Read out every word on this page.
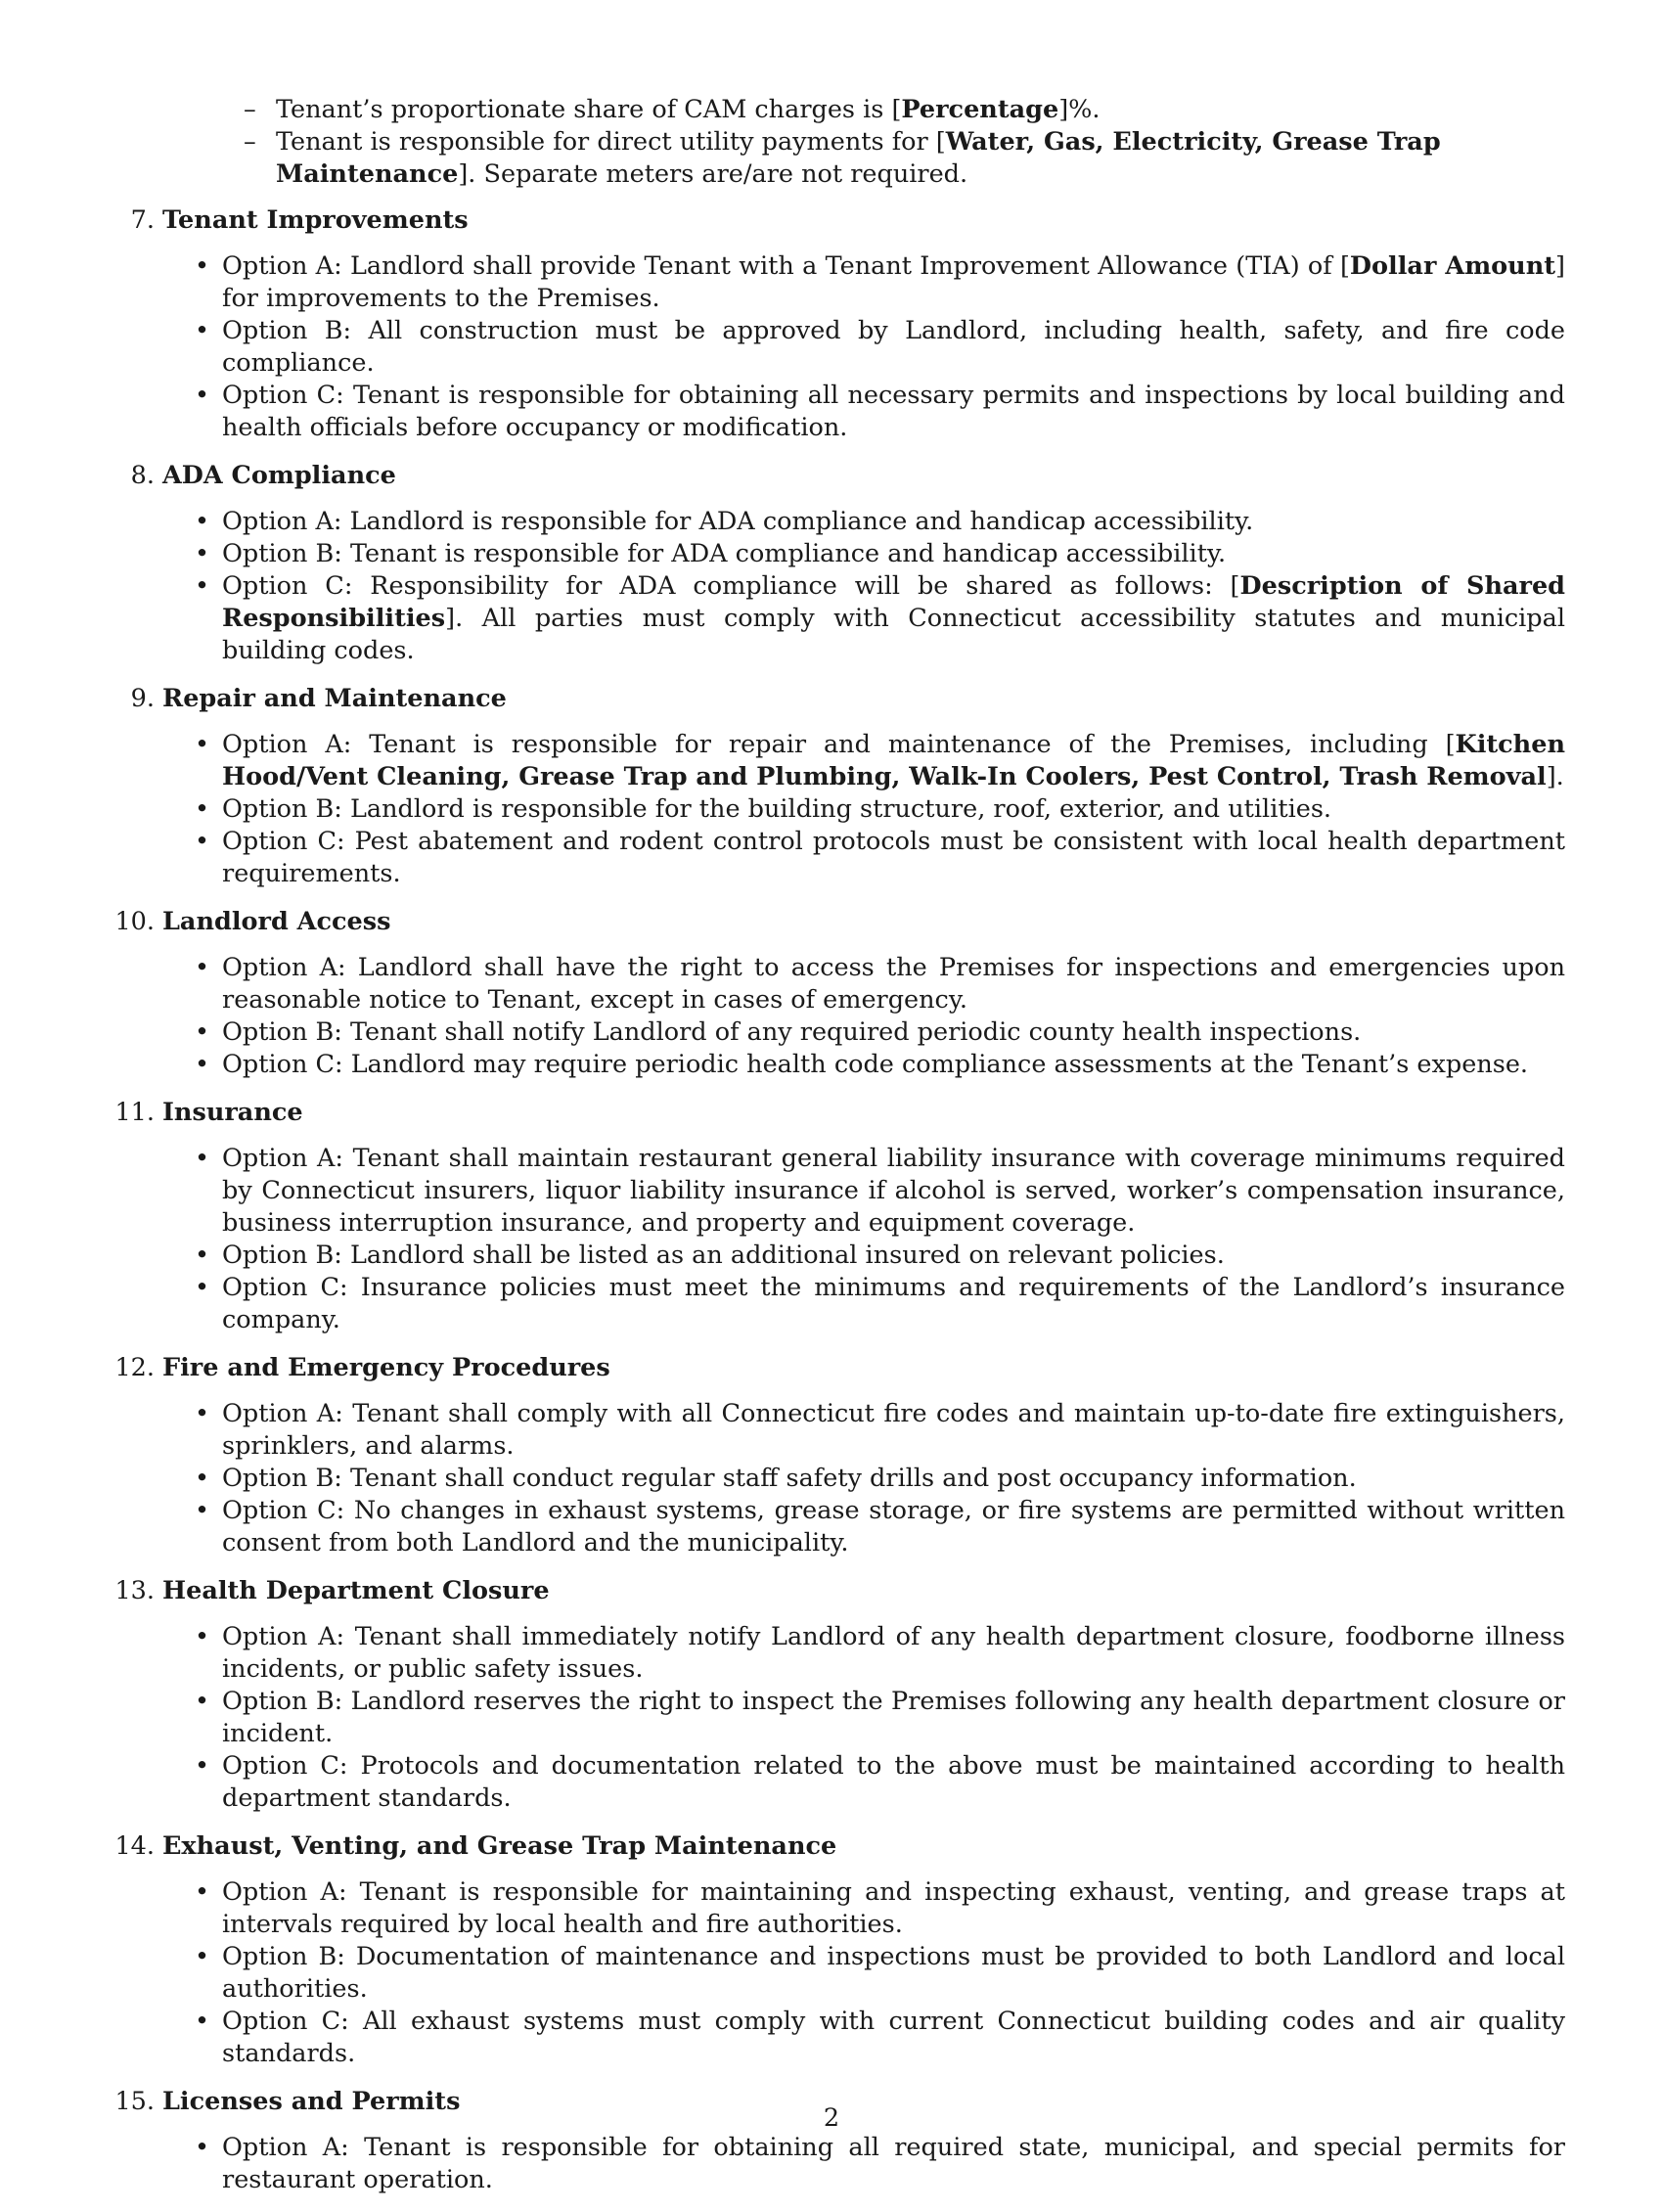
– Tenant’s proportionate share of CAM charges is [Percentage]%.
– Tenant is responsible for direct utility payments for [Water, Gas, Electricity, Grease Trap Maintenance]. Separate meters are/are not required.
7. Tenant Improvements
• Option A: Landlord shall provide Tenant with a Tenant Improvement Allowance (TIA) of [Dollar Amount] for improvements to the Premises.
• Option B: All construction must be approved by Landlord, including health, safety, and fire code compliance.
• Option C: Tenant is responsible for obtaining all necessary permits and inspections by local building and health officials before occupancy or modification.
8. ADA Compliance
• Option A: Landlord is responsible for ADA compliance and handicap accessibility.
• Option B: Tenant is responsible for ADA compliance and handicap accessibility.
• Option C: Responsibility for ADA compliance will be shared as follows: [Description of Shared Responsibilities]. All parties must comply with Connecticut accessibility statutes and municipal building codes.
9. Repair and Maintenance
• Option A: Tenant is responsible for repair and maintenance of the Premises, including [Kitchen Hood/Vent Cleaning, Grease Trap and Plumbing, Walk-In Coolers, Pest Control, Trash Removal].
• Option B: Landlord is responsible for the building structure, roof, exterior, and utilities.
• Option C: Pest abatement and rodent control protocols must be consistent with local health department requirements.
10. Landlord Access
• Option A: Landlord shall have the right to access the Premises for inspections and emergencies upon reasonable notice to Tenant, except in cases of emergency.
• Option B: Tenant shall notify Landlord of any required periodic county health inspections.
• Option C: Landlord may require periodic health code compliance assessments at the Tenant’s expense.
11. Insurance
• Option A: Tenant shall maintain restaurant general liability insurance with coverage minimums required by Connecticut insurers, liquor liability insurance if alcohol is served, worker’s compensation insurance, business interruption insurance, and property and equipment coverage.
• Option B: Landlord shall be listed as an additional insured on relevant policies.
• Option C: Insurance policies must meet the minimums and requirements of the Landlord’s insurance company.
12. Fire and Emergency Procedures
• Option A: Tenant shall comply with all Connecticut fire codes and maintain up-to-date fire extinguishers, sprinklers, and alarms.
• Option B: Tenant shall conduct regular staff safety drills and post occupancy information.
• Option C: No changes in exhaust systems, grease storage, or fire systems are permitted without written consent from both Landlord and the municipality.
13. Health Department Closure
• Option A: Tenant shall immediately notify Landlord of any health department closure, foodborne illness incidents, or public safety issues.
• Option B: Landlord reserves the right to inspect the Premises following any health department closure or incident.
• Option C: Protocols and documentation related to the above must be maintained according to health department standards.
14. Exhaust, Venting, and Grease Trap Maintenance
• Option A: Tenant is responsible for maintaining and inspecting exhaust, venting, and grease traps at intervals required by local health and fire authorities.
• Option B: Documentation of maintenance and inspections must be provided to both Landlord and local authorities.
• Option C: All exhaust systems must comply with current Connecticut building codes and air quality standards.
15. Licenses and Permits
• Option A: Tenant is responsible for obtaining all required state, municipal, and special permits for restaurant operation.
2
